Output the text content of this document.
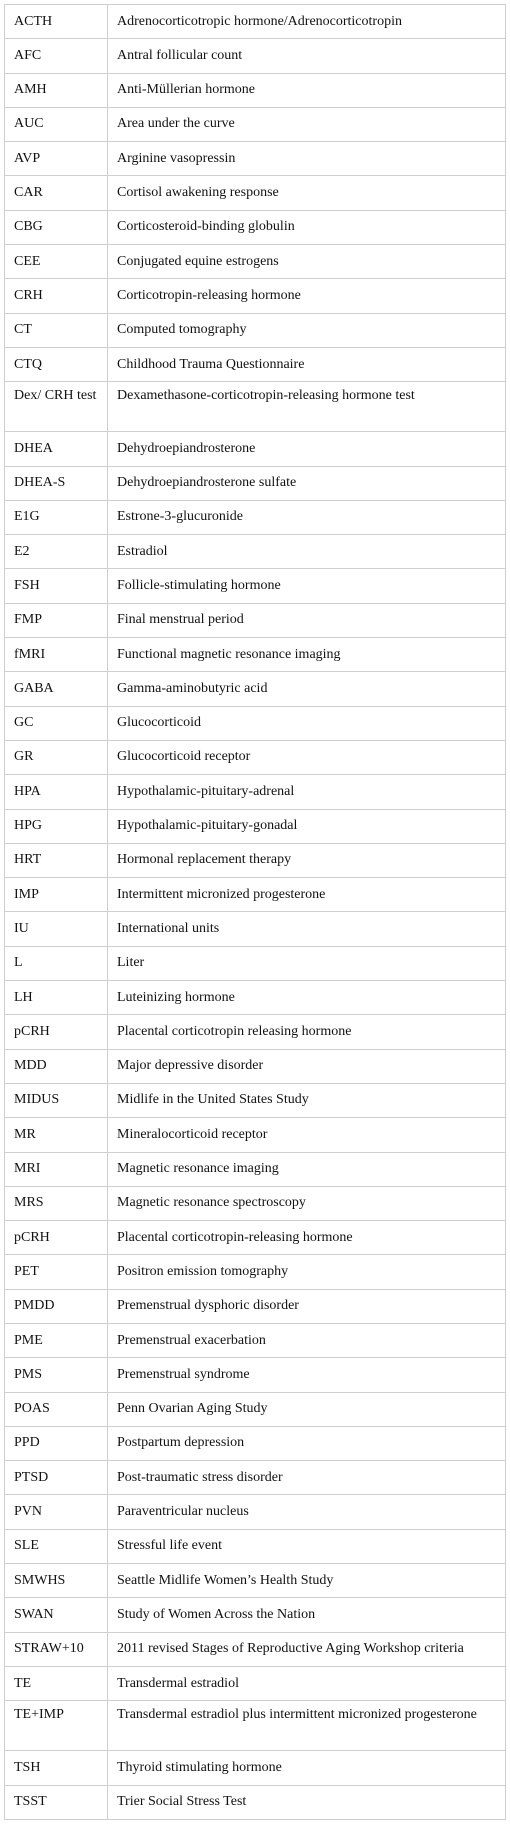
ACTH	Adrenocorticotropic hormone/Adrenocorticotropin
AFC	Antral follicular count
AMH	Anti-Müllerian hormone
AUC	Area under the curve
AVP	Arginine vasopressin
CAR	Cortisol awakening response
CBG	Corticosteroid-binding globulin
CEE	Conjugated equine estrogens
CRH	Corticotropin-releasing hormone
CT	Computed tomography
CTQ	Childhood Trauma Questionnaire
Dex/ CRH test	Dexamethasone-corticotropin-releasing hormone test
DHEA	Dehydroepiandrosterone
DHEA-S	Dehydroepiandrosterone sulfate
E1G	Estrone-3-glucuronide
E2	Estradiol
FSH	Follicle-stimulating hormone
FMP	Final menstrual period
fMRI	Functional magnetic resonance imaging
GABA	Gamma-aminobutyric acid
GC	Glucocorticoid
GR	Glucocorticoid receptor
HPA	Hypothalamic-pituitary-adrenal
HPG	Hypothalamic-pituitary-gonadal
HRT	Hormonal replacement therapy
IMP	Intermittent micronized progesterone
IU	International units
L	Liter
LH	Luteinizing hormone
pCRH	Placental corticotropin releasing hormone
MDD	Major depressive disorder
MIDUS	Midlife in the United States Study
MR	Mineralocorticoid receptor
MRI	Magnetic resonance imaging
MRS	Magnetic resonance spectroscopy
pCRH	Placental corticotropin-releasing hormone
PET	Positron emission tomography
PMDD	Premenstrual dysphoric disorder
PME	Premenstrual exacerbation
PMS	Premenstrual syndrome
POAS	Penn Ovarian Aging Study
PPD	Postpartum depression
PTSD	Post-traumatic stress disorder
PVN	Paraventricular nucleus
SLE	Stressful life event
SMWHS	Seattle Midlife Women’s Health Study
SWAN	Study of Women Across the Nation
STRAW+10	2011 revised Stages of Reproductive Aging Workshop criteria
TE	Transdermal estradiol
TE+IMP	Transdermal estradiol plus intermittent micronized progesterone
TSH	Thyroid stimulating hormone
TSST	Trier Social Stress Test
